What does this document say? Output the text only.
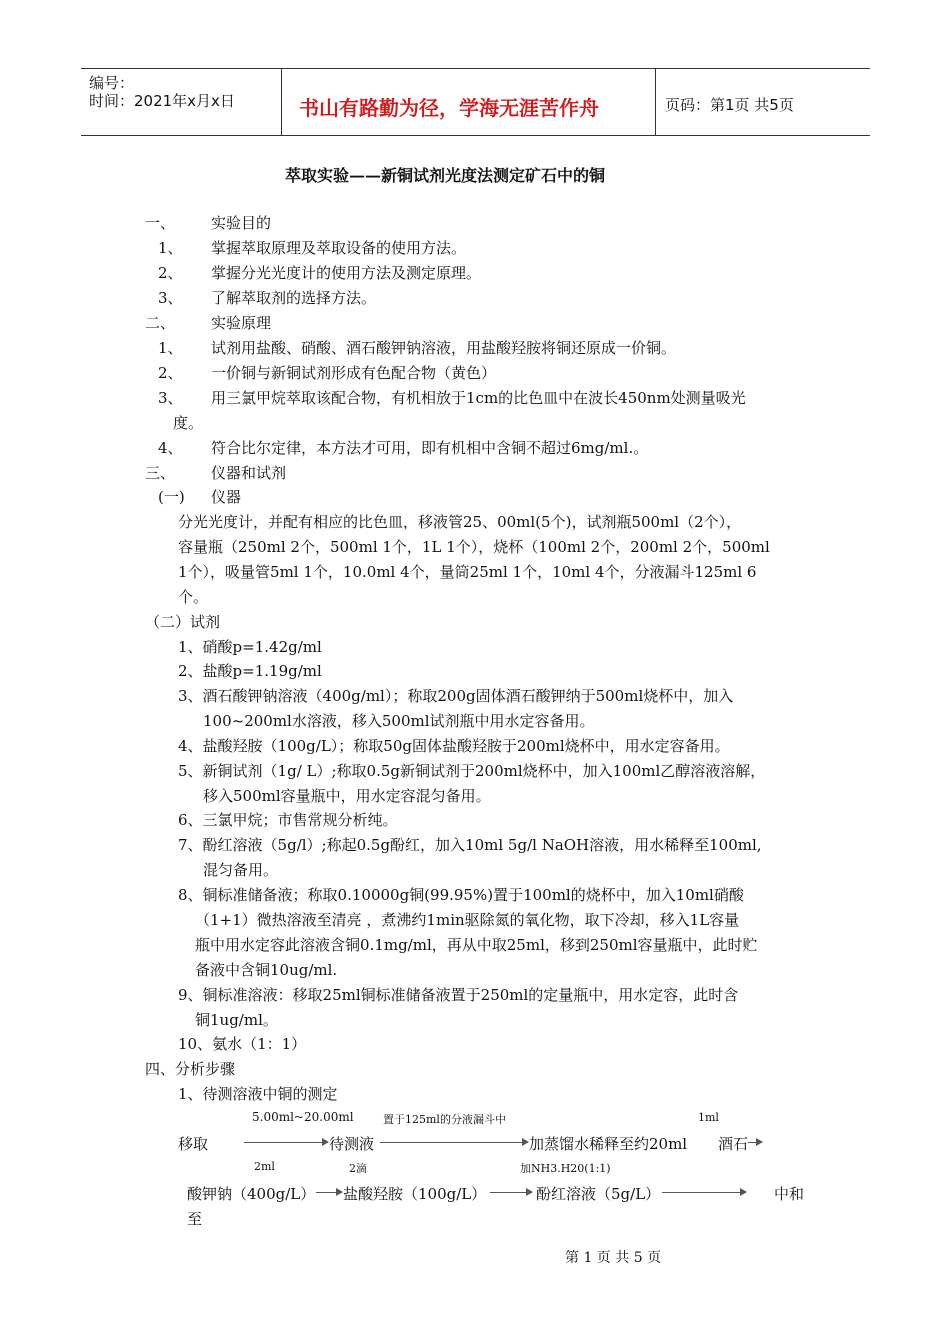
编号：
时间：2021年x月x日	书山有路勤为径，学海无涯苦作舟	页码：第1页 共5页
萃取实验——新铜试剂光度法测定矿石中的铜
一、 实验目的
1、 掌握萃取原理及萃取设备的使用方法。
2、 掌握分光光度计的使用方法及测定原理。
3、 了解萃取剂的选择方法。
二、 实验原理
1、 试剂用盐酸、硝酸、酒石酸钾钠溶液，用盐酸羟胺将铜还原成一价铜。
2、 一价铜与新铜试剂形成有色配合物（黄色）
3、 用三氯甲烷萃取该配合物，有机相放于1cm的比色皿中在波长450nm处测量吸光
度。
4、 符合比尔定律，本方法才可用，即有机相中含铜不超过6mg/ml.。
三、 仪器和试剂
(一) 仪器
分光光度计，并配有相应的比色皿，移液管25、00ml(5个)，试剂瓶500ml（2个），
容量瓶（250ml 2个，500ml 1个，1L 1个），烧杯（100ml 2个，200ml 2个，500ml
1个），吸量管5ml 1个，10.0ml 4个，量筒25ml 1个，10ml 4个，分液漏斗125ml 6
个。
（二）试剂
1、硝酸p=1.42g/ml
2、盐酸p=1.19g/ml
3、酒石酸钾钠溶液（400g/ml）；称取200g固体酒石酸钾纳于500ml烧杯中，加入
100~200ml水溶液，移入500ml试剂瓶中用水定容备用。
4、盐酸羟胺（100g/L）；称取50g固体盐酸羟胺于200ml烧杯中，用水定容备用。
5、新铜试剂（1g/ L）;称取0.5g新铜试剂于200ml烧杯中，加入100ml乙醇溶液溶解，
移入500ml容量瓶中，用水定容混匀备用。
6、三氯甲烷；市售常规分析纯。
7、酚红溶液（5g/l）;称起0.5g酚红，加入10ml 5g/l NaOH溶液，用水稀释至100ml,
混匀备用。
8、铜标准储备液；称取0.10000g铜(99.95%)置于100ml的烧杯中，加入10ml硝酸
（1+1）微热溶液至清亮 ，煮沸约1min驱除氮的氧化物，取下冷却，移入1L容量
瓶中用水定容此溶液含铜0.1mg/ml，再从中取25ml，移到250ml容量瓶中，此时贮
备液中含铜10ug/ml.
9、铜标准溶液：移取25ml铜标准储备液置于250ml的定量瓶中，用水定容，此时含
铜1ug/ml。
10、氨水（1：1）
四、分析步骤
1、待测溶液中铜的测定
5.00ml~20.00ml	置于125ml的分液漏斗中	1ml
移取	待测液	加蒸馏水稀释至约20ml 酒石
2ml	2滴	加NH3.H20(1:1)
酸钾钠（400g/L） 盐酸羟胺（100g/L）	酚红溶液（5g/L）	中和
至
第 1 页 共 5 页
